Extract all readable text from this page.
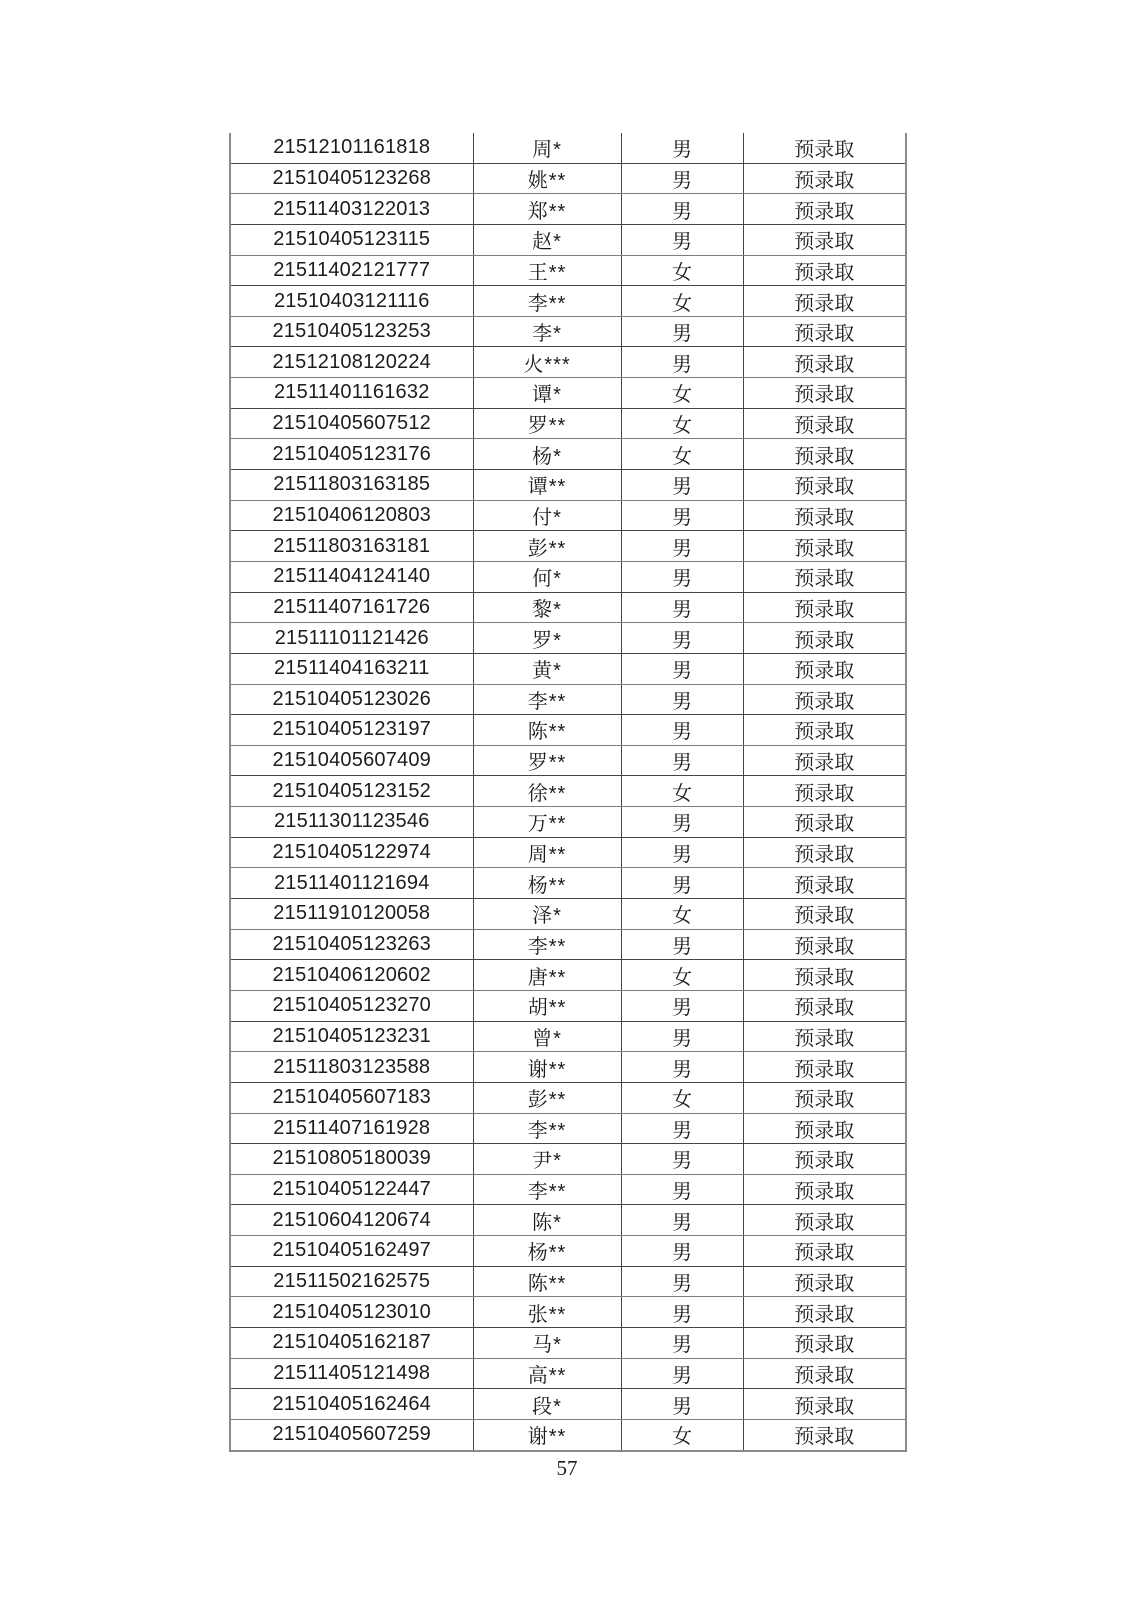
21512101161818	周*	男	预录取
21510405123268	姚**	男	预录取
21511403122013	郑**	男	预录取
21510405123115	赵*	男	预录取
21511402121777	王**	女	预录取
21510403121116	李**	女	预录取
21510405123253	李*	男	预录取
21512108120224	火***	男	预录取
21511401161632	谭*	女	预录取
21510405607512	罗**	女	预录取
21510405123176	杨*	女	预录取
21511803163185	谭**	男	预录取
21510406120803	付*	男	预录取
21511803163181	彭**	男	预录取
21511404124140	何*	男	预录取
21511407161726	黎*	男	预录取
21511101121426	罗*	男	预录取
21511404163211	黄*	男	预录取
21510405123026	李**	男	预录取
21510405123197	陈**	男	预录取
21510405607409	罗**	男	预录取
21510405123152	徐**	女	预录取
21511301123546	万**	男	预录取
21510405122974	周**	男	预录取
21511401121694	杨**	男	预录取
21511910120058	泽*	女	预录取
21510405123263	李**	男	预录取
21510406120602	唐**	女	预录取
21510405123270	胡**	男	预录取
21510405123231	曾*	男	预录取
21511803123588	谢**	男	预录取
21510405607183	彭**	女	预录取
21511407161928	李**	男	预录取
21510805180039	尹*	男	预录取
21510405122447	李**	男	预录取
21510604120674	陈*	男	预录取
21510405162497	杨**	男	预录取
21511502162575	陈**	男	预录取
21510405123010	张**	男	预录取
21510405162187	马*	男	预录取
21511405121498	高**	男	预录取
21510405162464	段*	男	预录取
21510405607259	谢**	女	预录取
57
